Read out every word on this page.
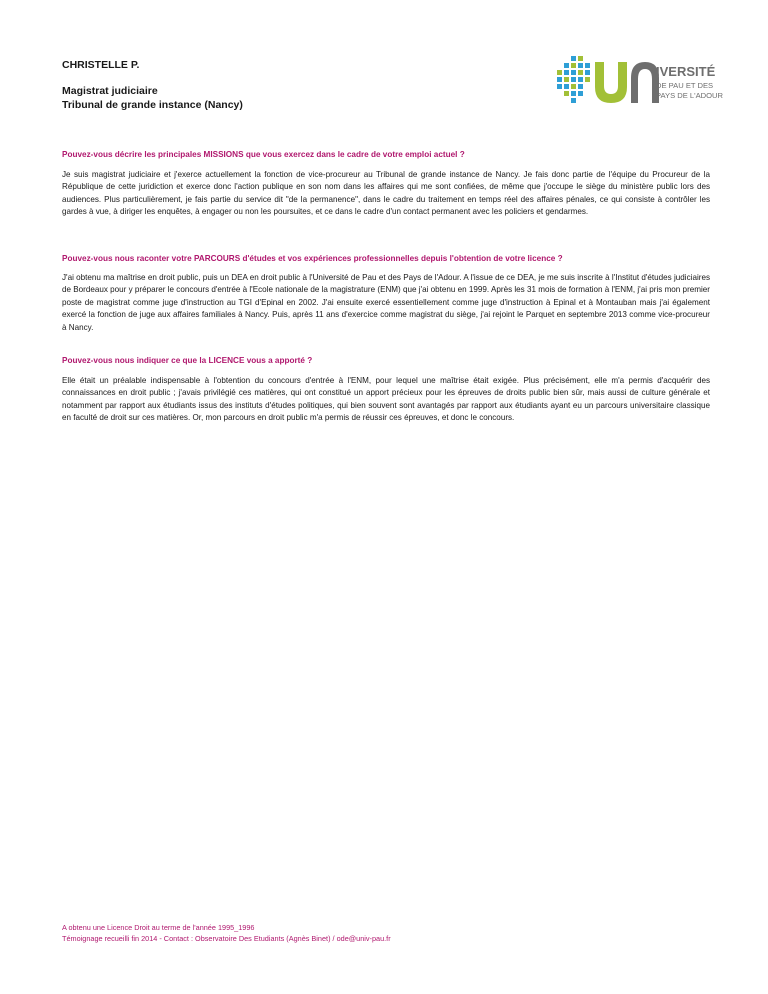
CHRISTELLE P.
Magistrat judiciaire
Tribunal de grande instance (Nancy)
IVERSITÉ
DE PAU ET DES
PAYS DE L'ADOUR

Pouvez-vous décrire les principales MISSIONS que vous exercez dans le cadre de votre emploi actuel ?

Je suis magistrat judiciaire et j'exerce actuellement la fonction de vice-procureur au Tribunal de grande instance de Nancy. Je fais donc partie de l'équipe du Procureur de la République de cette juridiction et exerce donc l'action publique en son nom dans les affaires qui me sont confiées, de même que j'occupe le siège du ministère public lors des audiences. Plus particulièrement, je fais partie du service dit "de la permanence", dans le cadre du traitement en temps réel des affaires pénales, ce qui consiste à contrôler les gardes à vue, à diriger les enquêtes, à engager ou non les poursuites, et ce dans le cadre d'un contact permanent avec les policiers et gendarmes.

Pouvez-vous nous raconter votre PARCOURS d'études et vos expériences professionnelles depuis l'obtention de votre licence ?

J'ai obtenu ma maîtrise en droit public, puis un DEA en droit public à l'Université de Pau et des Pays de l'Adour. A l'issue de ce DEA, je me suis inscrite à l'Institut d'études judiciaires de Bordeaux pour y préparer le concours d'entrée à l'Ecole nationale de la magistrature (ENM) que j'ai obtenu en 1999. Après les 31 mois de formation à l'ENM, j'ai pris mon premier poste de magistrat comme juge d'instruction au TGI d'Epinal en 2002. J'ai ensuite exercé essentiellement comme juge d'instruction à Epinal et à Montauban mais j'ai également exercé la fonction de juge aux affaires familiales à Nancy. Puis, après 11 ans d'exercice comme magistrat du siège, j'ai rejoint le Parquet en septembre 2013 comme vice-procureur à Nancy.

Pouvez-vous nous indiquer ce que la LICENCE vous a apporté ?

Elle était un préalable indispensable à l'obtention du concours d'entrée à l'ENM, pour lequel une maîtrise était exigée. Plus précisément, elle m'a permis d'acquérir des connaissances en droit public ; j'avais privilégié ces matières, qui ont constitué un apport précieux pour les épreuves de droits public bien sûr, mais aussi de culture générale et notamment par rapport aux étudiants issus des instituts d'études politiques, qui bien souvent sont avantagés par rapport aux étudiants ayant eu un parcours universitaire classique en faculté de droit sur ces matières. Or, mon parcours en droit public m'a permis de réussir ces épreuves, et donc le concours.

A obtenu une Licence Droit au terme de l'année 1995_1996
Témoignage recueilli fin 2014 - Contact : Observatoire Des Etudiants (Agnès Binet) / ode@univ-pau.fr
